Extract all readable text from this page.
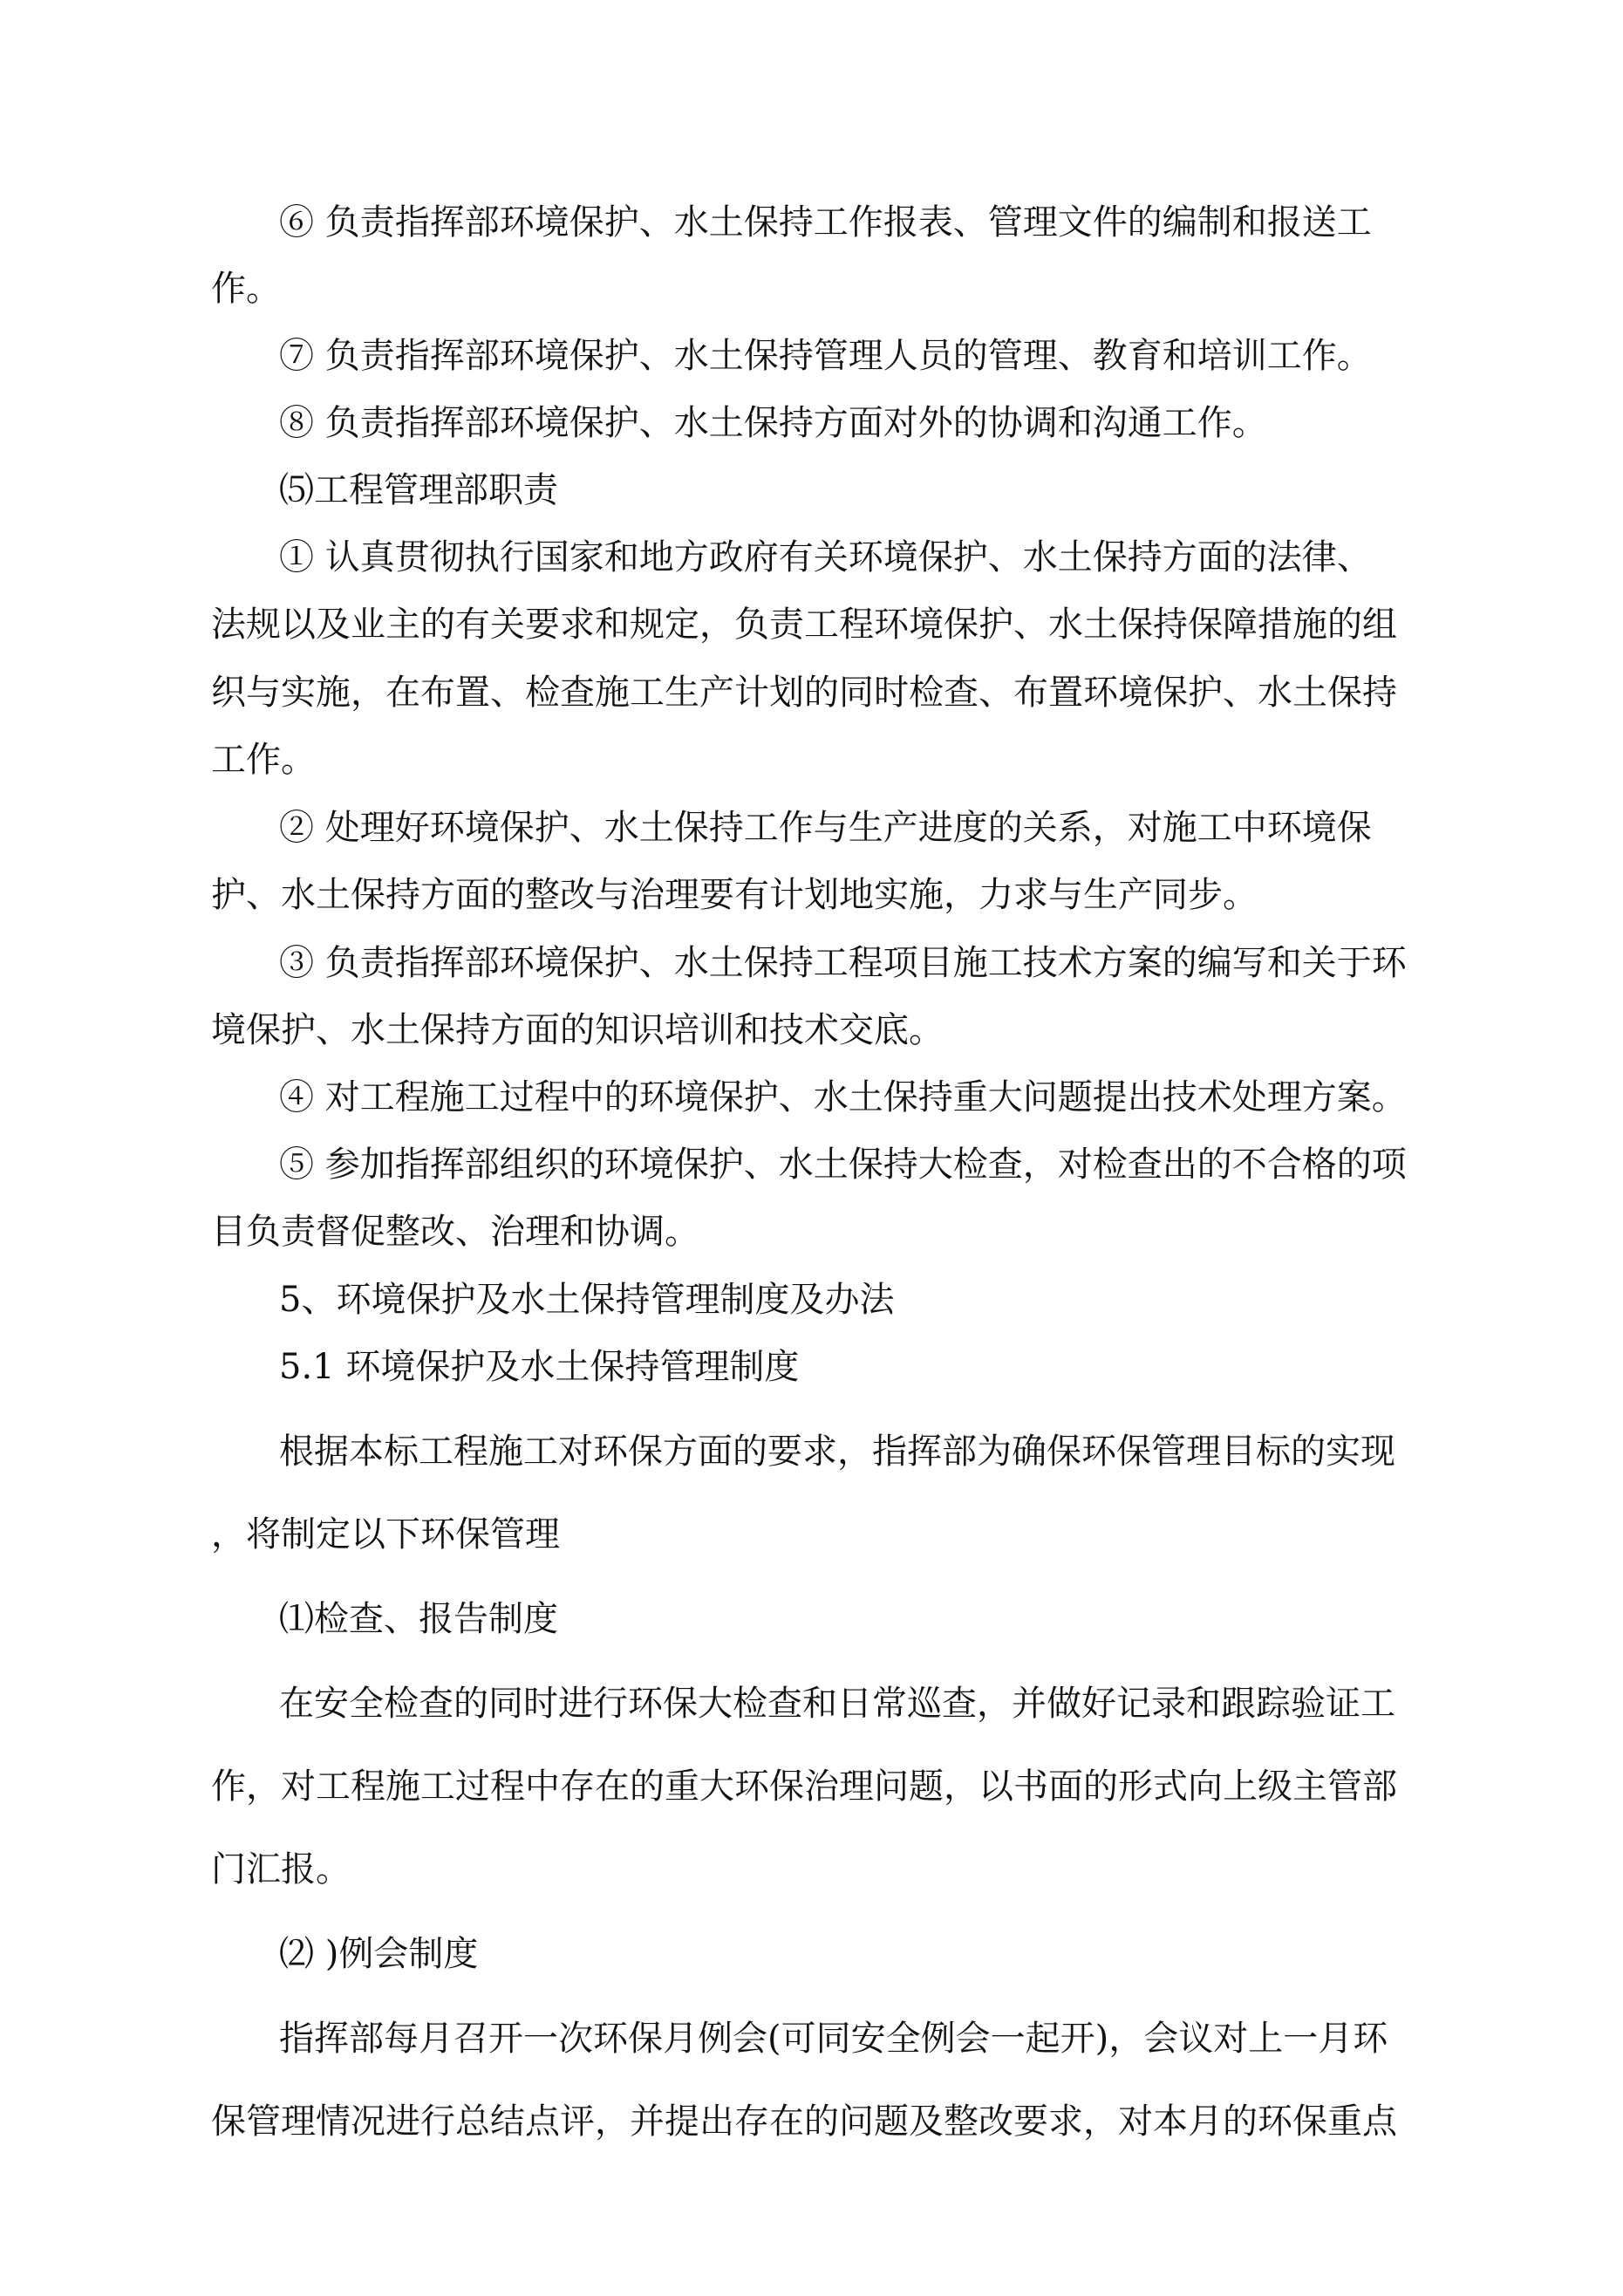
⑥ 负责指挥部环境保护、水土保持工作报表、管理文件的编制和报送工
作。
⑦ 负责指挥部环境保护、水土保持管理人员的管理、教育和培训工作。
⑧ 负责指挥部环境保护、水土保持方面对外的协调和沟通工作。
⑸工程管理部职责
① 认真贯彻执行国家和地方政府有关环境保护、水土保持方面的法律、
法规以及业主的有关要求和规定，负责工程环境保护、水土保持保障措施的组
织与实施，在布置、检查施工生产计划的同时检查、布置环境保护、水土保持
工作。
② 处理好环境保护、水土保持工作与生产进度的关系，对施工中环境保
护、水土保持方面的整改与治理要有计划地实施，力求与生产同步。
③ 负责指挥部环境保护、水土保持工程项目施工技术方案的编写和关于环
境保护、水土保持方面的知识培训和技术交底。
④ 对工程施工过程中的环境保护、水土保持重大问题提出技术处理方案。
⑤ 参加指挥部组织的环境保护、水土保持大检查，对检查出的不合格的项
目负责督促整改、治理和协调。
5、环境保护及水土保持管理制度及办法
5.1 环境保护及水土保持管理制度
根据本标工程施工对环保方面的要求，指挥部为确保环保管理目标的实现
，将制定以下环保管理
⑴检查、报告制度
在安全检查的同时进行环保大检查和日常巡查，并做好记录和跟踪验证工
作，对工程施工过程中存在的重大环保治理问题，以书面的形式向上级主管部
门汇报。
⑵ )例会制度
指挥部每月召开一次环保月例会(可同安全例会一起开)，会议对上一月环
保管理情况进行总结点评，并提出存在的问题及整改要求，对本月的环保重点
